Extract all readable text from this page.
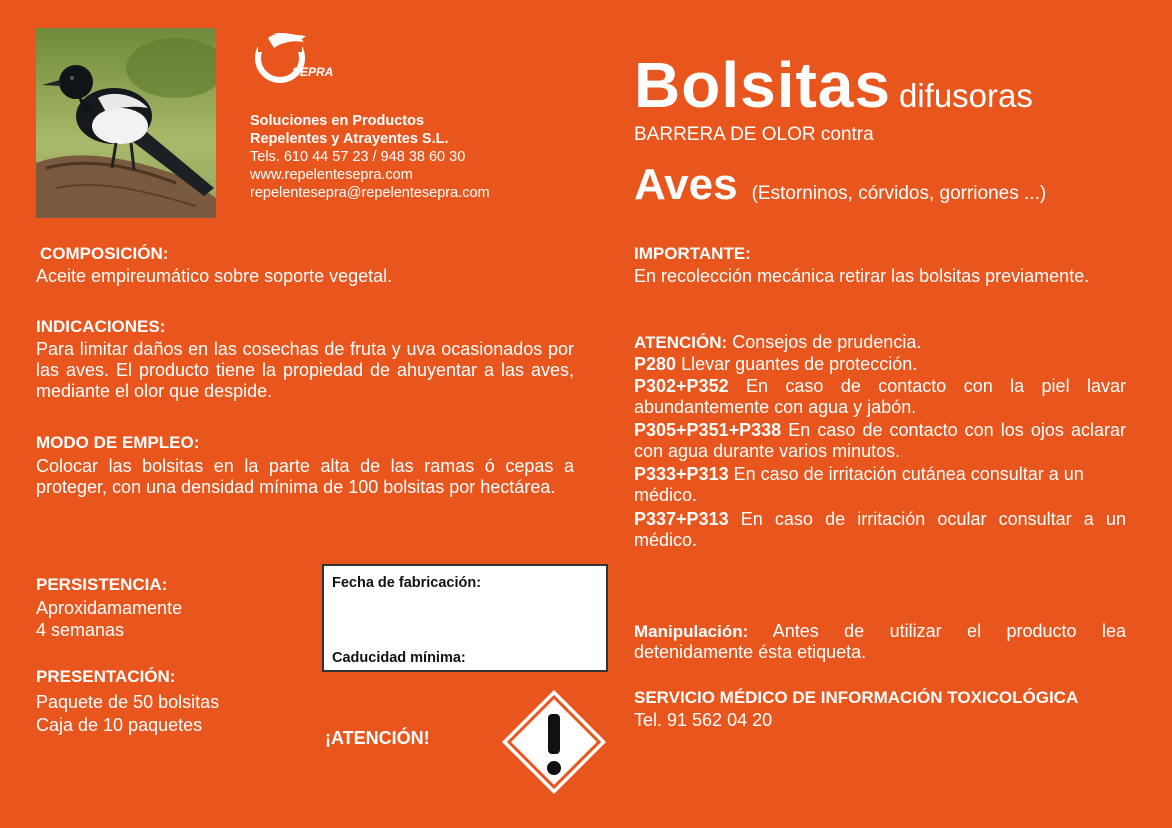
SEPRA
Soluciones en Productos
Repelentes y Atrayentes S.L.
Tels. 610 44 57 23 / 948 38 60 30
www.repelentesepra.com
repelentesepra@repelentesepra.com
Bolsitas difusoras
BARRERA DE OLOR contra
Aves (Estorninos, córvidos, gorriones ...)
COMPOSICIÓN:
Aceite empireumático sobre soporte vegetal.
INDICACIONES:
Para limitar daños en las cosechas de fruta y uva ocasionados por las aves. El producto tiene la propiedad de ahuyentar a las aves, mediante el olor que despide.
MODO DE EMPLEO:
Colocar las bolsitas en la parte alta de las ramas ó cepas a proteger, con una densidad mínima de 100 bolsitas por hectárea.
PERSISTENCIA:
Aproxidamamente
4 semanas
PRESENTACIÓN:
Paquete de 50 bolsitas
Caja de 10 paquetes
Fecha de fabricación:
Caducidad mínima:
¡ATENCIÓN!
IMPORTANTE:
En recolección mecánica retirar las bolsitas previamente.
ATENCIÓN: Consejos de prudencia.
P280 Llevar guantes de protección.
P302+P352 En caso de contacto con la piel lavar abundantemente con agua y jabón.
P305+P351+P338 En caso de contacto con los ojos aclarar con agua durante varios minutos.
P333+P313 En caso de irritación cutánea consultar a un médico.
P337+P313 En caso de irritación ocular consultar a un médico.
Manipulación: Antes de utilizar el producto lea detenidamente ésta etiqueta.
SERVICIO MÉDICO DE INFORMACIÓN TOXICOLÓGICA
Tel. 91 562 04 20
